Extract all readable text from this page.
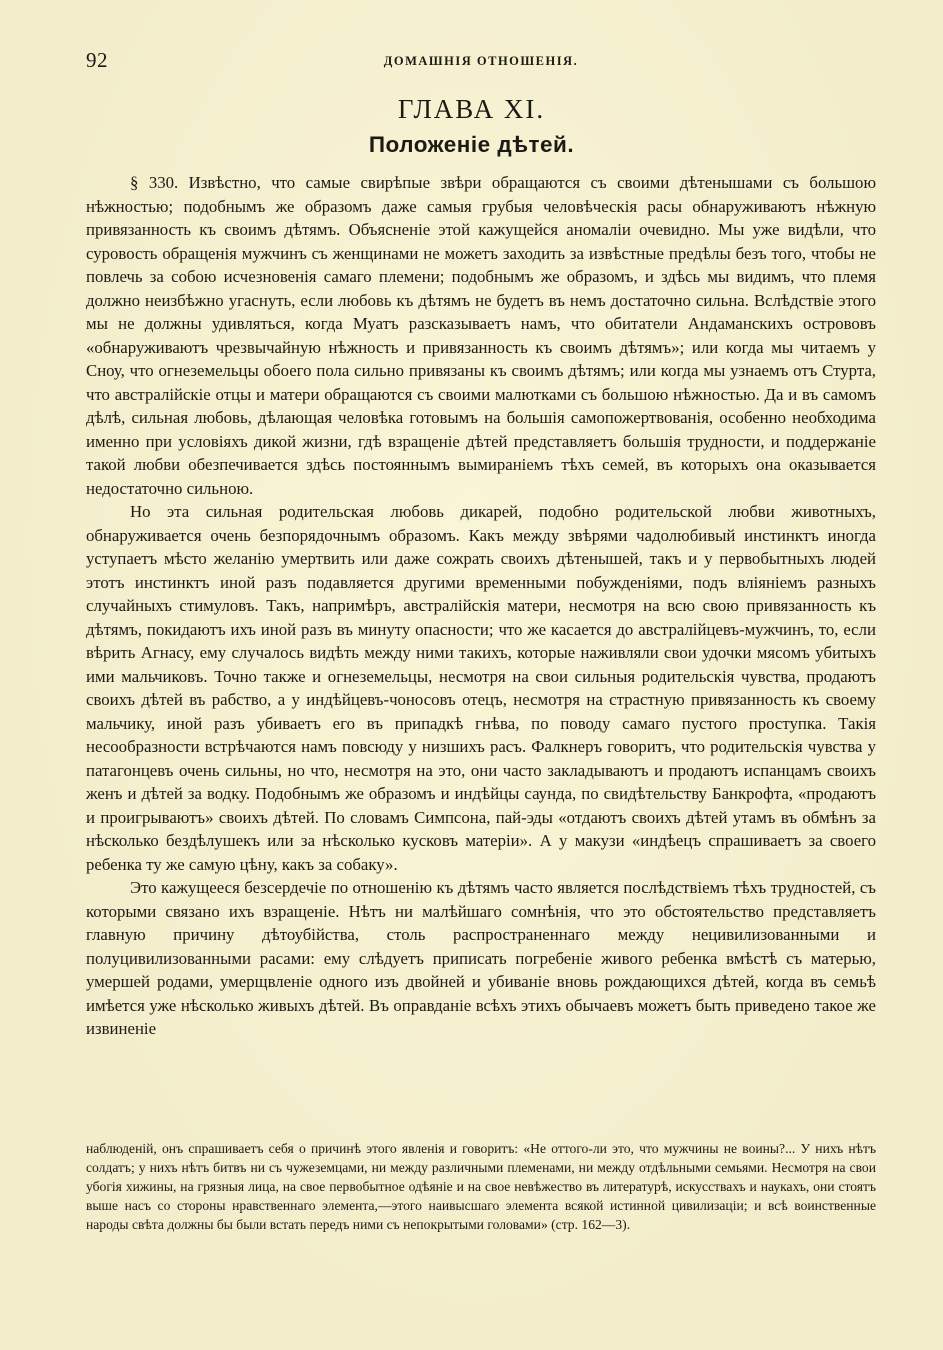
92	ДОМАШНІЯ ОТНОШЕНІЯ.
ГЛАВА XI.
Положеніе дѣтей.

§ 330. Извѣстно, что самые свирѣпые звѣри обращаются съ своими дѣтенышами съ большою нѣжностью; подобнымъ же образомъ даже самыя грубыя человѣческія расы обнаруживаютъ нѣжную привязанность къ своимъ дѣтямъ. Объясненіе этой кажущейся аномаліи очевидно. Мы уже видѣли, что суровость обращенія мужчинъ съ женщинами не можетъ заходить за извѣстные предѣлы безъ того, чтобы не повлечь за собою исчезновенія самаго племени; подобнымъ же образомъ, и здѣсь мы видимъ, что племя должно неизбѣжно угаснуть, если любовь къ дѣтямъ не будетъ въ немъ достаточно сильна. Вслѣдствіе этого мы не должны удивляться, когда Муатъ разсказываетъ намъ, что обитатели Андаманскихъ острововъ «обнаруживаютъ чрезвычайную нѣжность и привязанность къ своимъ дѣтямъ»; или когда мы читаемъ у Сноу, что огнеземельцы обоего пола сильно привязаны къ своимъ дѣтямъ; или когда мы узнаемъ отъ Стурта, что австралійскіе отцы и матери обращаются съ своими малютками съ большою нѣжностью. Да и въ самомъ дѣлѣ, сильная любовь, дѣлающая человѣка готовымъ на большія самопожертвованія, особенно необходима именно при условіяхъ дикой жизни, гдѣ взращеніе дѣтей представляетъ большія трудности, и поддержаніе такой любви обезпечивается здѣсь постояннымъ вымираніемъ тѣхъ семей, въ которыхъ она оказывается недостаточно сильною.

Но эта сильная родительская любовь дикарей, подобно родительской любви животныхъ, обнаруживается очень безпорядочнымъ образомъ. Какъ между звѣрями чадолюбивый инстинктъ иногда уступаетъ мѣсто желанію умертвить или даже сожрать своихъ дѣтенышей, такъ и у первобытныхъ людей этотъ инстинктъ иной разъ подавляется другими временными побужденіями, подъ вліяніемъ разныхъ случайныхъ стимуловъ. Такъ, напримѣръ, австралійскія матери, несмотря на всю свою привязанность къ дѣтямъ, покидаютъ ихъ иной разъ въ минуту опасности; что же касается до австралійцевъ-мужчинъ, то, если вѣрить Агнасу, ему случалось видѣть между ними такихъ, которые наживляли свои удочки мясомъ убитыхъ ими мальчиковъ. Точно также и огнеземельцы, несмотря на свои сильныя родительскія чувства, продаютъ своихъ дѣтей въ рабство, а у индѣйцевъ-чоносовъ отецъ, несмотря на страстную привязанность къ своему мальчику, иной разъ убиваетъ его въ припадкѣ гнѣва, по поводу самаго пустого проступка. Такія несообразности встрѣчаются намъ повсюду у низшихъ расъ. Фалкнеръ говоритъ, что родительскія чувства у патагонцевъ очень сильны, но что, несмотря на это, они часто закладываютъ и продаютъ испанцамъ своихъ женъ и дѣтей за водку. Подобнымъ же образомъ и индѣйцы саунда, по свидѣтельству Банкрофта, «продаютъ и проигрываютъ» своихъ дѣтей. По словамъ Симпсона, пай-эды «отдаютъ своихъ дѣтей утамъ въ обмѣнъ за нѣсколько бездѣлушекъ или за нѣсколько кусковъ матеріи». А у макузи «индѣецъ спрашиваетъ за своего ребенка ту же самую цѣну, какъ за собаку».

Это кажущееся безсердечіе по отношенію къ дѣтямъ часто является послѣдствіемъ тѣхъ трудностей, съ которыми связано ихъ взращеніе. Нѣтъ ни малѣйшаго сомнѣнія, что это обстоятельство представляетъ главную причину дѣтоубійства, столь распространеннаго между нецивилизованными и полуцивилизованными расами: ему слѣдуетъ приписать погребеніе живого ребенка вмѣстѣ съ матерью, умершей родами, умерщвленіе одного изъ двойней и убиваніе вновь рождающихся дѣтей, когда въ семьѣ имѣется уже нѣсколько живыхъ дѣтей. Въ оправданіе всѣхъ этихъ обычаевъ можетъ быть приведено такое же извиненіе

наблюденій, онъ спрашиваетъ себя о причинѣ этого явленія и говоритъ: «Не оттого-ли это, что мужчины не воины?... У нихъ нѣтъ солдатъ; у нихъ нѣтъ битвъ ни съ чужеземцами, ни между различными племенами, ни между отдѣльными семьями. Несмотря на свои убогія хижины, на грязныя лица, на свое первобытное одѣяніе и на свое невѣжество въ литературѣ, искусствахъ и наукахъ, они стоятъ выше насъ со стороны нравственнаго элемента,—этого наивысшаго элемента всякой истинной цивилизаціи; и всѣ воинственные народы свѣта должны бы были встать передъ ними съ непокрытыми головами» (стр. 162—3).
